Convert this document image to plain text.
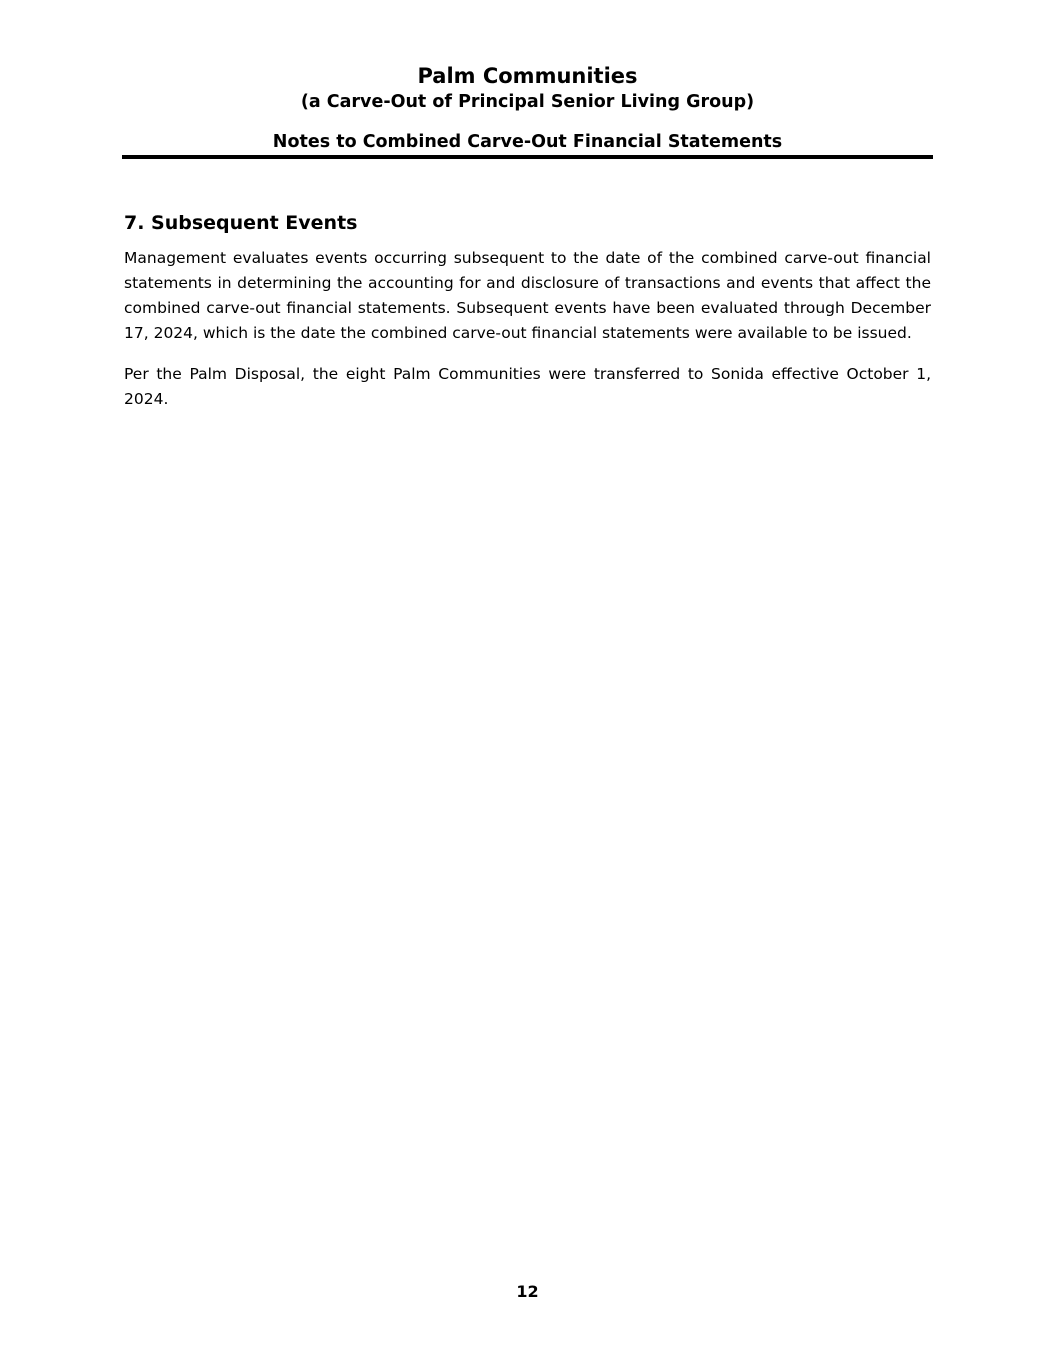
Palm Communities

(a Carve-Out of Principal Senior Living Group)

Notes to Combined Carve-Out Financial Statements

7. Subsequent Events

Management evaluates events occurring subsequent to the date of the combined carve-out financial statements in determining the accounting for and disclosure of transactions and events that affect the combined carve-out financial statements. Subsequent events have been evaluated through December 17, 2024, which is the date the combined carve-out financial statements were available to be issued.

Per the Palm Disposal, the eight Palm Communities were transferred to Sonida effective October 1, 2024.

12
